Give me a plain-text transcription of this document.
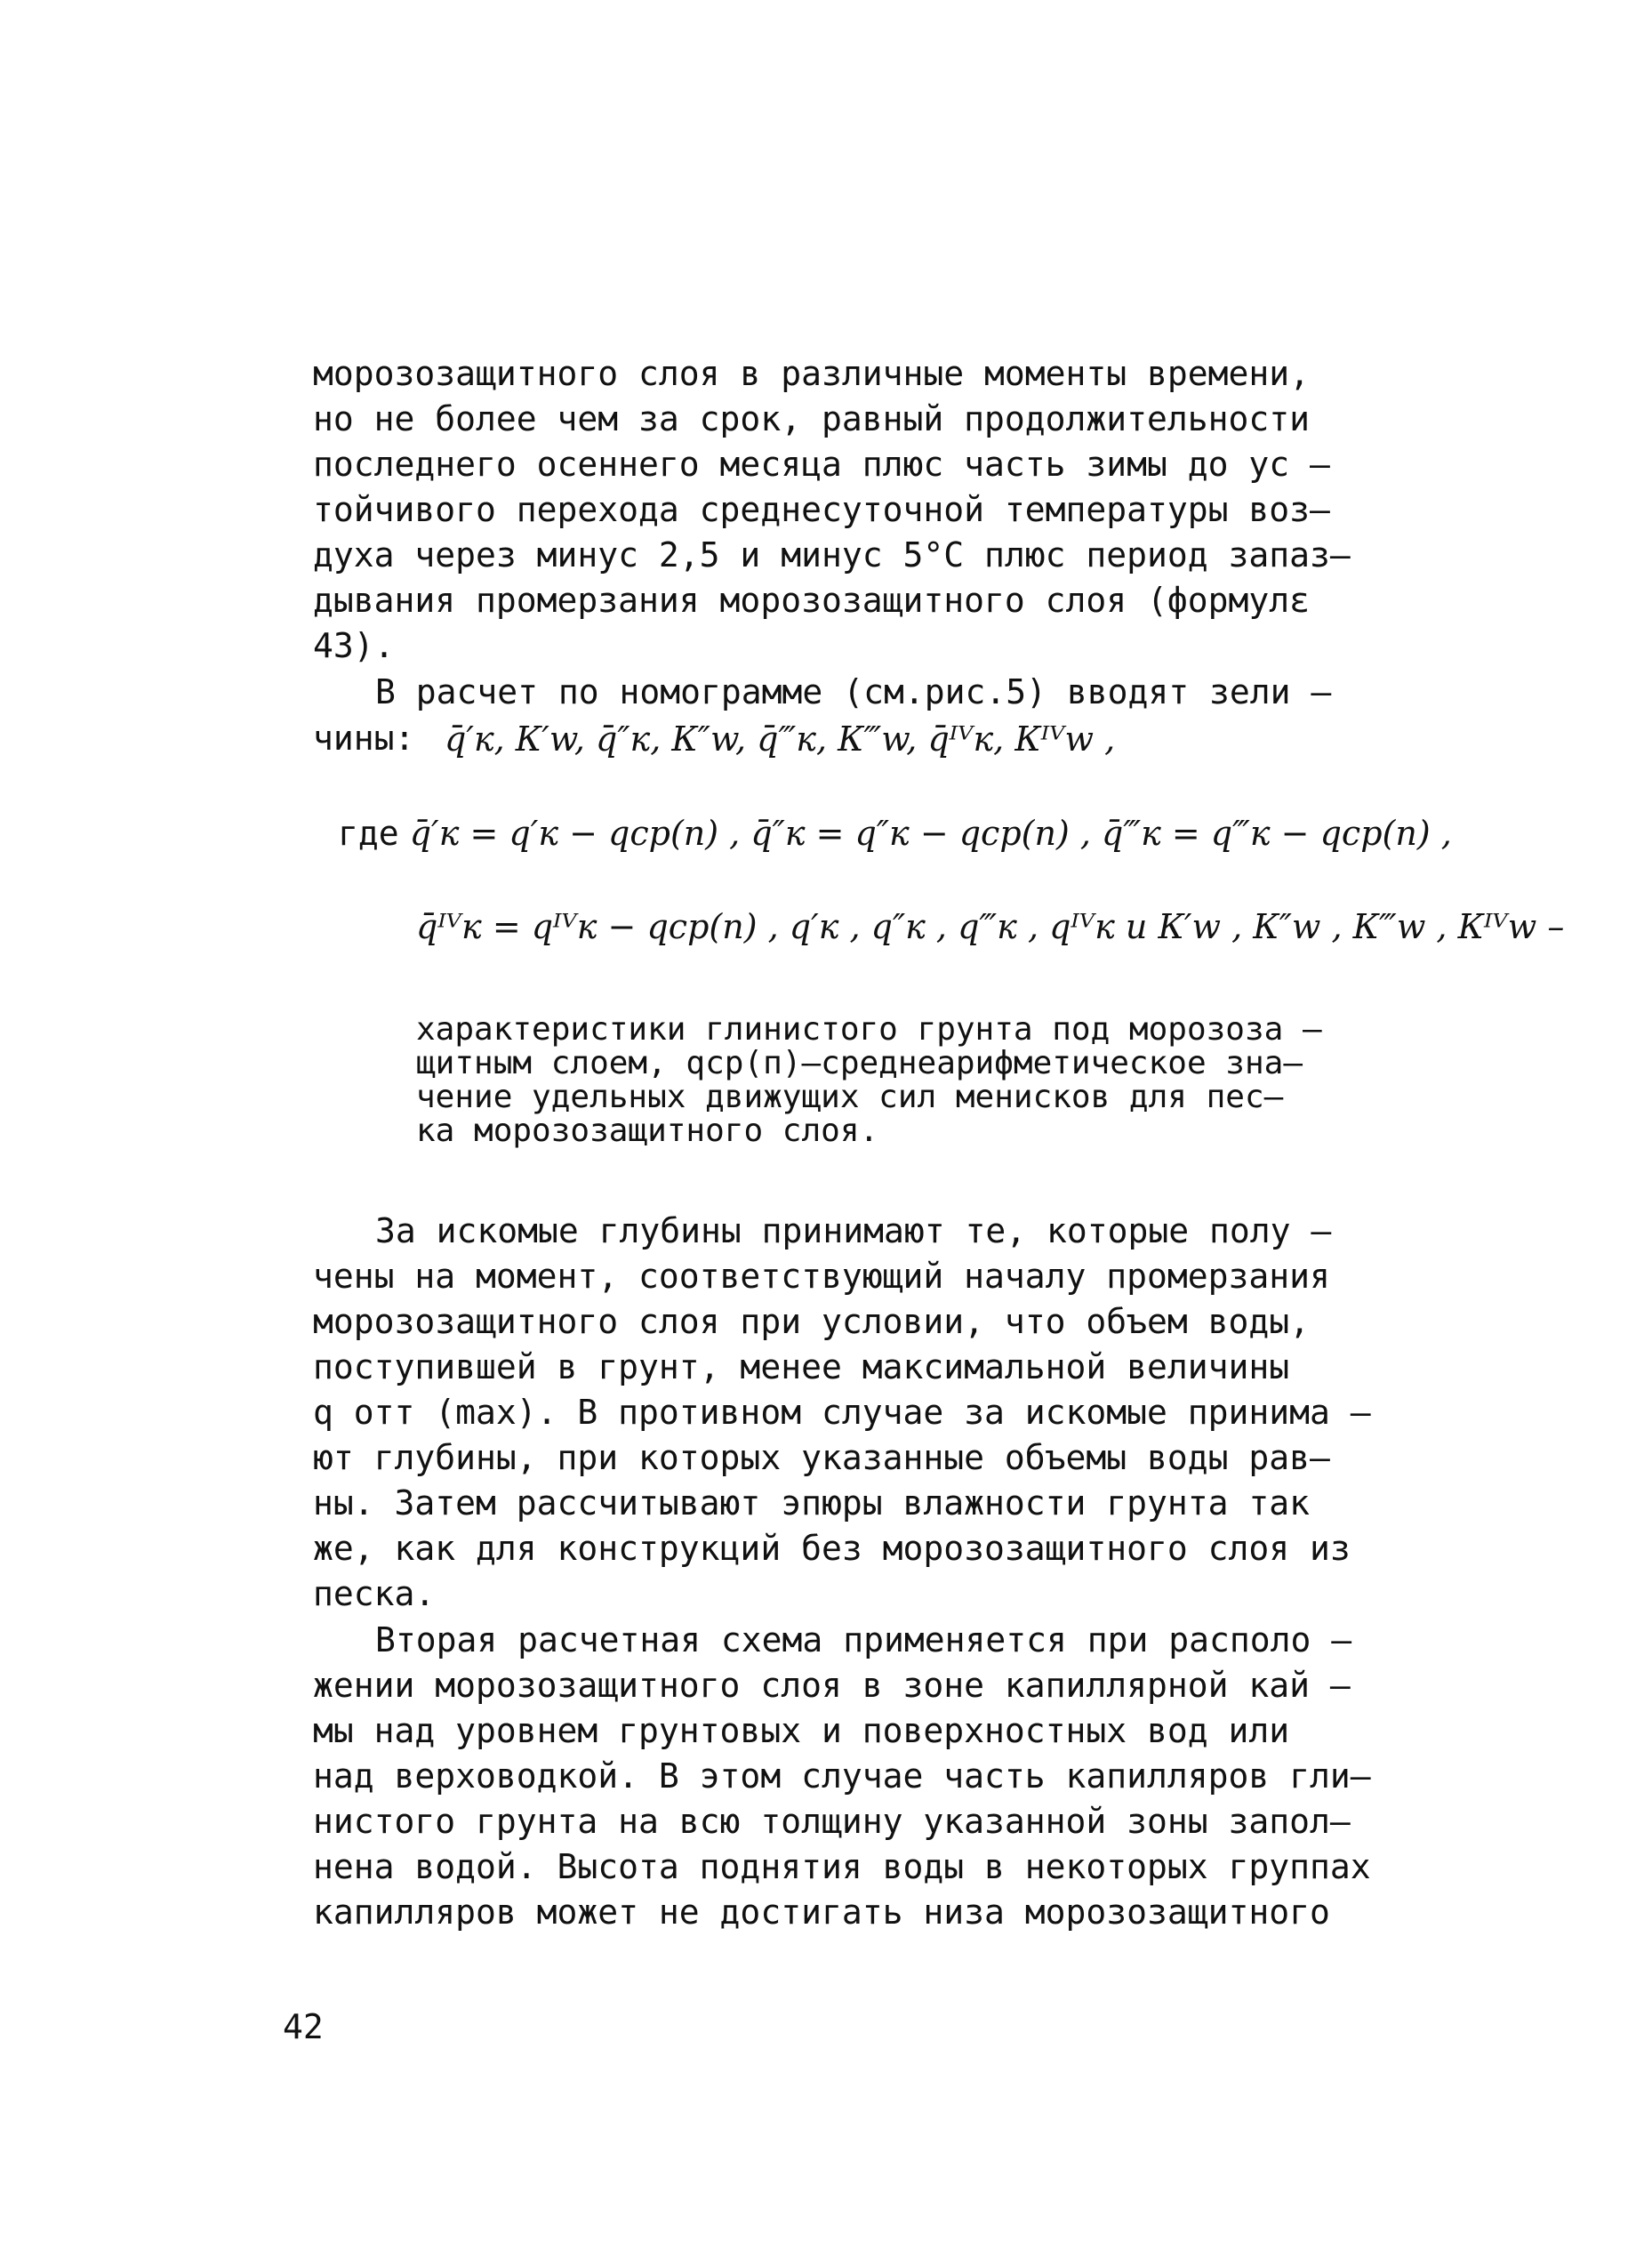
морозозащитного слоя в различные моменты времени,
но не более чем за срок, равный продолжительности
последнего осеннего месяца плюс часть зимы до ус –
тойчивого перехода среднесуточной температуры воз–
духа через минус 2,5 и минус 5°С плюс период запаз–
дывания промерзания морозозащитного слоя (формулε
43).
В расчет по номограмме (см.рис.5) вводят зели –
чины: q̄′к, К′w, q̄″к, К″w, q̄‴к, К‴w, q̄ᴵⱽк, Кᴵⱽw ,
где q̄′к = q′к − qср(п) , q̄″к = q″к − qср(п) , q̄‴к = q‴к − qср(п) ,
q̄ᴵⱽк = qᴵⱽк − qср(п) , q′к , q″к , q‴к , qᴵⱽк и К′w , К″w , К‴w , Кᴵⱽw –
характеристики глинистого грунта под морозоза –
щитным слоем, qср(п)–среднеарифметическое зна–
чение удельных движущих сил менисков для пес–
ка морозозащитного слоя.
За искомые глубины принимают те, которые полу –
чены на момент, соответствующий началу промерзания
морозозащитного слоя при условии, что объем воды,
поступившей в грунт, менее максимальной величины
q отт (max). В противном случае за искомые принима –
ют глубины, при которых указанные объемы воды рав–
ны. Затем рассчитывают эпюры влажности грунта так
же, как для конструкций без морозозащитного слоя из
песка.
Вторая расчетная схема применяется при располо –
жении морозозащитного слоя в зоне капиллярной кай –
мы над уровнем грунтовых и поверхностных вод или
над верховодкой. В этом случае часть капилляров гли–
нистого грунта на всю толщину указанной зоны запол–
нена водой. Высота поднятия воды в некоторых группах
капилляров может не достигать низа морозозащитного
42
